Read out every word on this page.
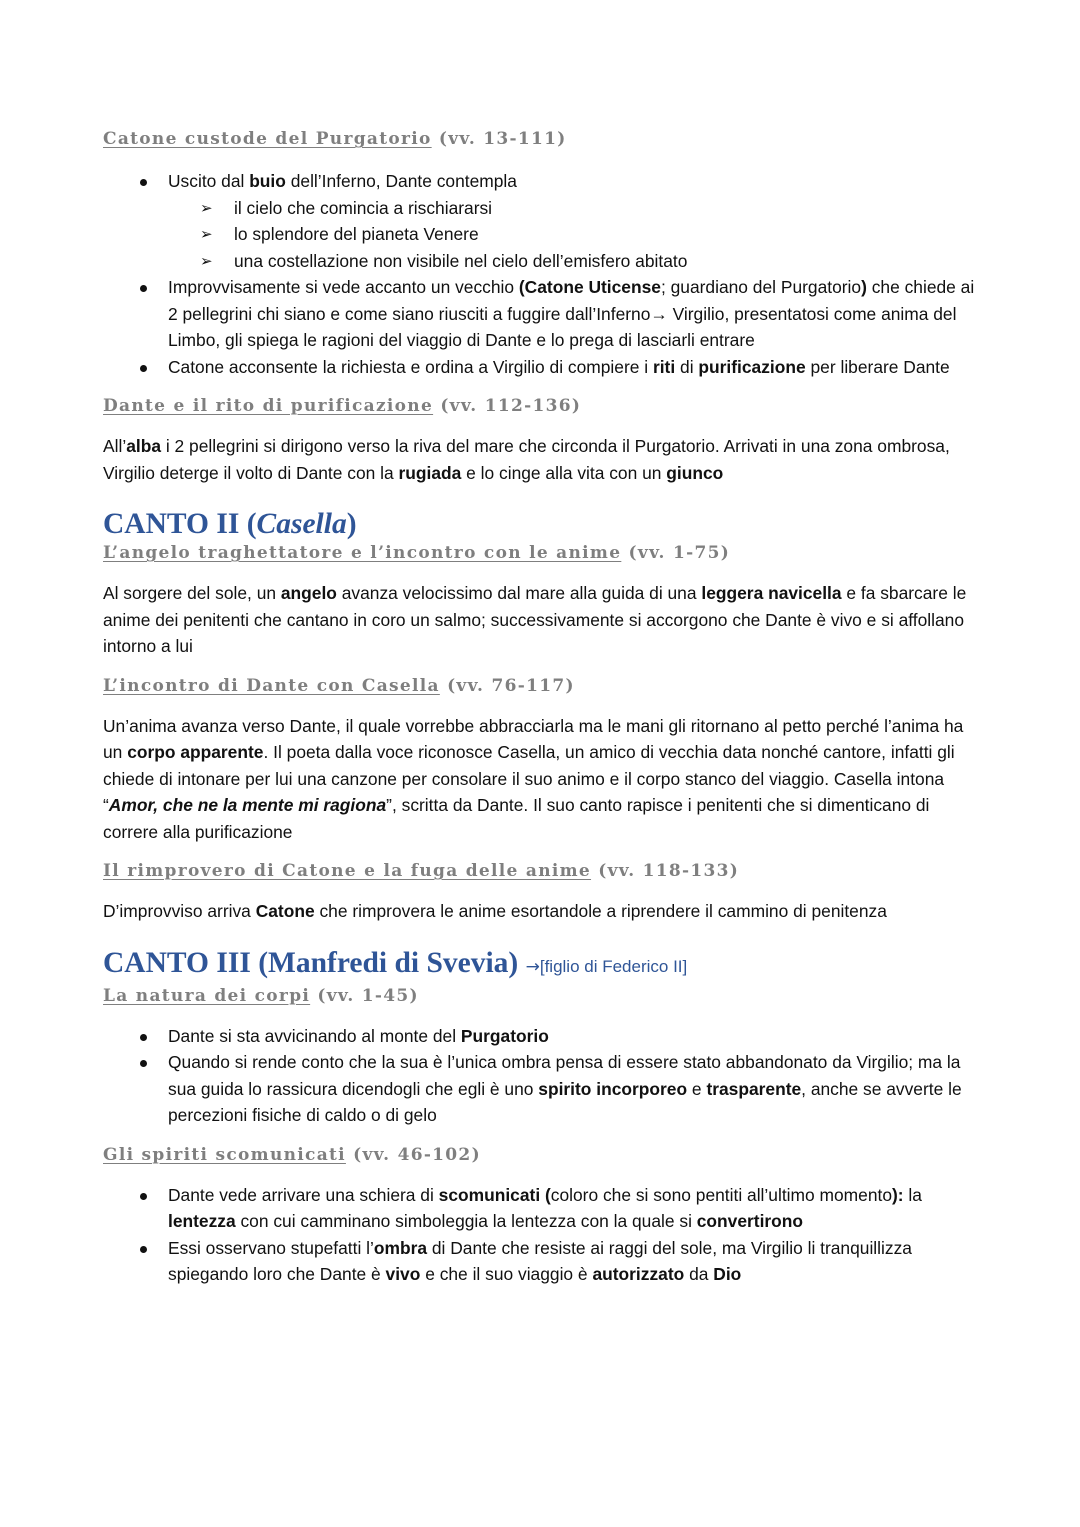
Catone custode del Purgatorio (vv. 13-111)
Uscito dal buio dell’Inferno, Dante contempla
➢ il cielo che comincia a rischiararsi
➢ lo splendore del pianeta Venere
➢ una costellazione non visibile nel cielo dell’emisfero abitato
Improvvisamente si vede accanto un vecchio (Catone Uticense; guardiano del Purgatorio) che chiede ai 2 pellegrini chi siano e come siano riusciti a fuggire dall’Inferno→ Virgilio, presentatosi come anima del Limbo, gli spiega le ragioni del viaggio di Dante e lo prega di lasciarli entrare
Catone acconsente la richiesta e ordina a Virgilio di compiere i riti di purificazione per liberare Dante
Dante e il rito di purificazione (vv. 112-136)

All’alba i 2 pellegrini si dirigono verso la riva del mare che circonda il Purgatorio. Arrivati in una zona ombrosa, Virgilio deterge il volto di Dante con la rugiada e lo cinge alla vita con un giunco

CANTO II (Casella)
L’angelo traghettatore e l’incontro con le anime (vv. 1-75)

Al sorgere del sole, un angelo avanza velocissimo dal mare alla guida di una leggera navicella e fa sbarcare le anime dei penitenti che cantano in coro un salmo; successivamente si accorgono che Dante è vivo e si affollano intorno a lui

L’incontro di Dante con Casella (vv. 76-117)

Un’anima avanza verso Dante, il quale vorrebbe abbracciarla ma le mani gli ritornano al petto perché l’anima ha un corpo apparente. Il poeta dalla voce riconosce Casella, un amico di vecchia data nonché cantore, infatti gli chiede di intonare per lui una canzone per consolare il suo animo e il corpo stanco del viaggio. Casella intona “Amor, che ne la mente mi ragiona”, scritta da Dante. Il suo canto rapisce i penitenti che si dimenticano di correre alla purificazione

Il rimprovero di Catone e la fuga delle anime (vv. 118-133)

D’improvviso arriva Catone che rimprovera le anime esortandole a riprendere il cammino di penitenza

CANTO III (Manfredi di Svevia) →[figlio di Federico II]
La natura dei corpi (vv. 1-45)
Dante si sta avvicinando al monte del Purgatorio
Quando si rende conto che la sua è l’unica ombra pensa di essere stato abbandonato da Virgilio; ma la sua guida lo rassicura dicendogli che egli è uno spirito incorporeo e trasparente, anche se avverte le percezioni fisiche di caldo o di gelo
Gli spiriti scomunicati (vv. 46-102)
Dante vede arrivare una schiera di scomunicati (coloro che si sono pentiti all’ultimo momento): la lentezza con cui camminano simboleggia la lentezza con la quale si convertirono
Essi osservano stupefatti l’ombra di Dante che resiste ai raggi del sole, ma Virgilio li tranquillizza spiegando loro che Dante è vivo e che il suo viaggio è autorizzato da Dio
